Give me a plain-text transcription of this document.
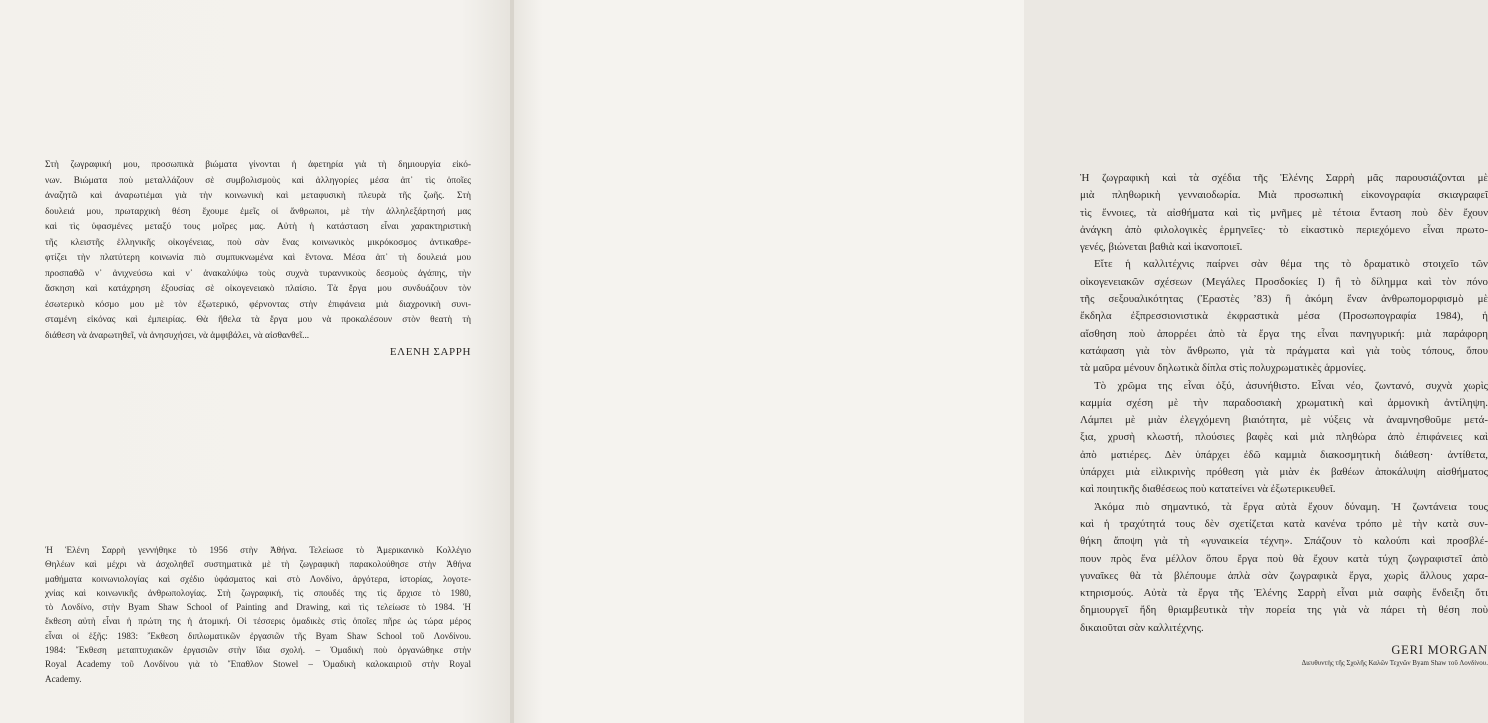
Στὴ ζωγραφική μου, προσωπικὰ βιώματα γίνονται ἡ ἀφετηρία γιὰ τὴ δημιουργία εἰκό-
νων. Βιώματα ποὺ μεταλλάζουν σὲ συμβολισμοὺς καὶ ἀλληγορίες μέσα ἀπ᾽ τὶς ὁποῖες
ἀναζητῶ καὶ ἀναρωτιέμαι γιὰ τὴν κοινωνικὴ καὶ μεταφυσικὴ πλευρὰ τῆς ζωῆς. Στὴ
δουλειά μου, πρωταρχικὴ θέση ἔχουμε ἐμεῖς οἱ ἄνθρωποι, μὲ τὴν ἀλληλεξάρτησή μας
καὶ τὶς ὑφασμένες μεταξύ τους μοῖρες μας. Αὐτὴ ἡ κατάσταση εἶναι χαρακτηριστικὴ
τῆς κλειστῆς ἑλληνικῆς οἰκογένειας, ποὺ σὰν ἕνας κοινωνικὸς μικρόκοσμος ἀντικαθρε-
φτίζει τὴν πλατύτερη κοινωνία πιὸ συμπυκνωμένα καὶ ἔντονα. Μέσα ἀπ᾽ τὴ δουλειά μου
προσπαθῶ ν᾽ ἀνιχνεύσω καὶ ν᾽ ἀνακαλύψω τοὺς συχνὰ τυραννικοὺς δεσμοὺς ἀγάπης, τὴν
ἄσκηση καὶ κατάχρηση ἐξουσίας σὲ οἰκογενειακὸ πλαίσιο. Τὰ ἔργα μου συνδυάζουν τὸν
ἐσωτερικὸ κόσμο μου μὲ τὸν ἐξωτερικό, φέρνοντας στὴν ἐπιφάνεια μιὰ διαχρονικὴ συνι-
σταμένη εἰκόνας καὶ ἐμπειρίας. Θὰ ἤθελα τὰ ἔργα μου νὰ προκαλέσουν στὸν θεατὴ τὴ
διάθεση νὰ ἀναρωτηθεῖ, νὰ ἀνησυχήσει, νὰ ἀμφιβάλει, νὰ αἰσθανθεῖ...
ΕΛΕΝΗ ΣΑΡΡΗ
Ἡ Ἑλένη Σαρρὴ γεννήθηκε τὸ 1956 στὴν Ἀθήνα. Τελείωσε τὸ Ἀμερικανικὸ Κολλέγιο
Θηλέων καὶ μέχρι νὰ ἀσχοληθεῖ συστηματικὰ μὲ τὴ ζωγραφικὴ παρακολούθησε στὴν Ἀθήνα
μαθήματα κοινωνιολογίας καὶ σχέδιο ὑφάσματος καὶ στὸ Λονδίνο, ἀργότερα, ἱστορίας, λογοτε-
χνίας καὶ κοινωνικῆς ἀνθρωπολογίας. Στὴ ζωγραφική, τὶς σπουδές της τὶς ἄρχισε τὸ 1980,
τὸ Λονδίνο, στὴν Byam Shaw School of Painting and Drawing, καὶ τὶς τελείωσε τὸ 1984. Ἡ
ἔκθεση αὐτὴ εἶναι ἡ πρώτη της ἡ ἀτομική. Οἱ τέσσερις ὁμαδικὲς στὶς ὁποῖες πῆρε ὡς τώρα μέρος
εἶναι οἱ ἑξῆς: 1983: Ἔκθεση διπλωματικῶν ἐργασιῶν τῆς Byam Shaw School τοῦ Λονδίνου.
1984: Ἔκθεση μεταπτυχιακῶν ἐργασιῶν στὴν ἴδια σχολή. – Ὁμαδικὴ ποὺ ὀργανώθηκε στὴν
Royal Academy τοῦ Λονδίνου γιὰ τὸ Ἔπαθλον Stowel – Ὁμαδικὴ καλοκαιριοῦ στὴν Royal
Academy.
Ἡ ζωγραφικὴ καὶ τὰ σχέδια τῆς Ἑλένης Σαρρὴ μᾶς παρουσιάζονται μὲ
μιὰ πληθωρικὴ γενναιοδωρία. Μιὰ προσωπικὴ εἰκονογραφία σκιαγραφεῖ
τὶς ἔννοιες, τὰ αἰσθήματα καὶ τὶς μνῆμες μὲ τέτοια ἔνταση ποὺ δὲν ἔχουν
ἀνάγκη ἀπὸ φιλολογικὲς ἑρμηνεῖες· τὸ εἰκαστικὸ περιεχόμενο εἶναι πρωτο-
γενές, βιώνεται βαθιὰ καὶ ἱκανοποιεῖ.
Εἴτε ἡ καλλιτέχνις παίρνει σὰν θέμα της τὸ δραματικὸ στοιχεῖο τῶν
οἰκογενειακῶν σχέσεων (Μεγάλες Προσδοκίες Ι) ἢ τὸ δίλημμα καὶ τὸν πόνο
τῆς σεξουαλικότητας (Ἐραστὲς ’83) ἢ ἀκόμη ἕναν ἀνθρωπομορφισμὸ μὲ
ἔκδηλα ἐξπρεσσιονιστικὰ ἐκφραστικὰ μέσα (Προσωπογραφία 1984), ἡ
αἴσθηση ποὺ ἀπορρέει ἀπὸ τὰ ἔργα της εἶναι πανηγυρική: μιὰ παράφορη
κατάφαση γιὰ τὸν ἄνθρωπο, γιὰ τὰ πράγματα καὶ γιὰ τοὺς τόπους, ὅπου
τὰ μαῦρα μένουν δηλωτικὰ δίπλα στὶς πολυχρωματικὲς ἁρμονίες.
Τὸ χρῶμα της εἶναι ὀξύ, ἀσυνήθιστο. Εἶναι νέο, ζωντανό, συχνὰ χωρὶς
καμμία σχέση μὲ τὴν παραδοσιακὴ χρωματικὴ καὶ ἁρμονικὴ ἀντίληψη.
Λάμπει μὲ μιὰν ἐλεγχόμενη βιαιότητα, μὲ νύξεις νὰ ἀναμνησθοῦμε μετά-
ξια, χρυσὴ κλωστή, πλούσιες βαφὲς καὶ μιὰ πληθώρα ἀπὸ ἐπιφάνειες καὶ
ἀπὸ ματιέρες. Δὲν ὑπάρχει ἐδῶ καμμιὰ διακοσμητικὴ διάθεση· ἀντίθετα,
ὑπάρχει μιὰ εἰλικρινὴς πρόθεση γιὰ μιὰν ἐκ βαθέων ἀποκάλυψη αἰσθήματος
καὶ ποιητικῆς διαθέσεως ποὺ κατατείνει νὰ ἐξωτερικευθεῖ.
Ἀκόμα πιὸ σημαντικό, τὰ ἔργα αὐτὰ ἔχουν δύναμη. Ἡ ζωντάνεια τους
καὶ ἡ τραχύτητά τους δὲν σχετίζεται κατὰ κανένα τρόπο μὲ τὴν κατὰ συν-
θήκη ἄποψη γιὰ τὴ «γυναικεία τέχνη». Σπάζουν τὸ καλούπι καὶ προσβλέ-
πουν πρὸς ἕνα μέλλον ὅπου ἔργα ποὺ θὰ ἔχουν κατὰ τύχη ζωγραφιστεῖ ἀπὸ
γυναῖκες θὰ τὰ βλέπουμε ἁπλὰ σὰν ζωγραφικὰ ἔργα, χωρὶς ἄλλους χαρα-
κτηρισμούς. Αὐτὰ τὰ ἔργα τῆς Ἑλένης Σαρρὴ εἶναι μιὰ σαφὴς ἔνδειξη ὅτι
δημιουργεῖ ἤδη θριαμβευτικὰ τὴν πορεία της γιὰ νὰ πάρει τὴ θέση ποὺ
δικαιοῦται σὰν καλλιτέχνης.
GERI MORGAN
Διευθυντὴς τῆς Σχολῆς Καλῶν Τεχνῶν Byam Shaw τοῦ Λονδίνου.
